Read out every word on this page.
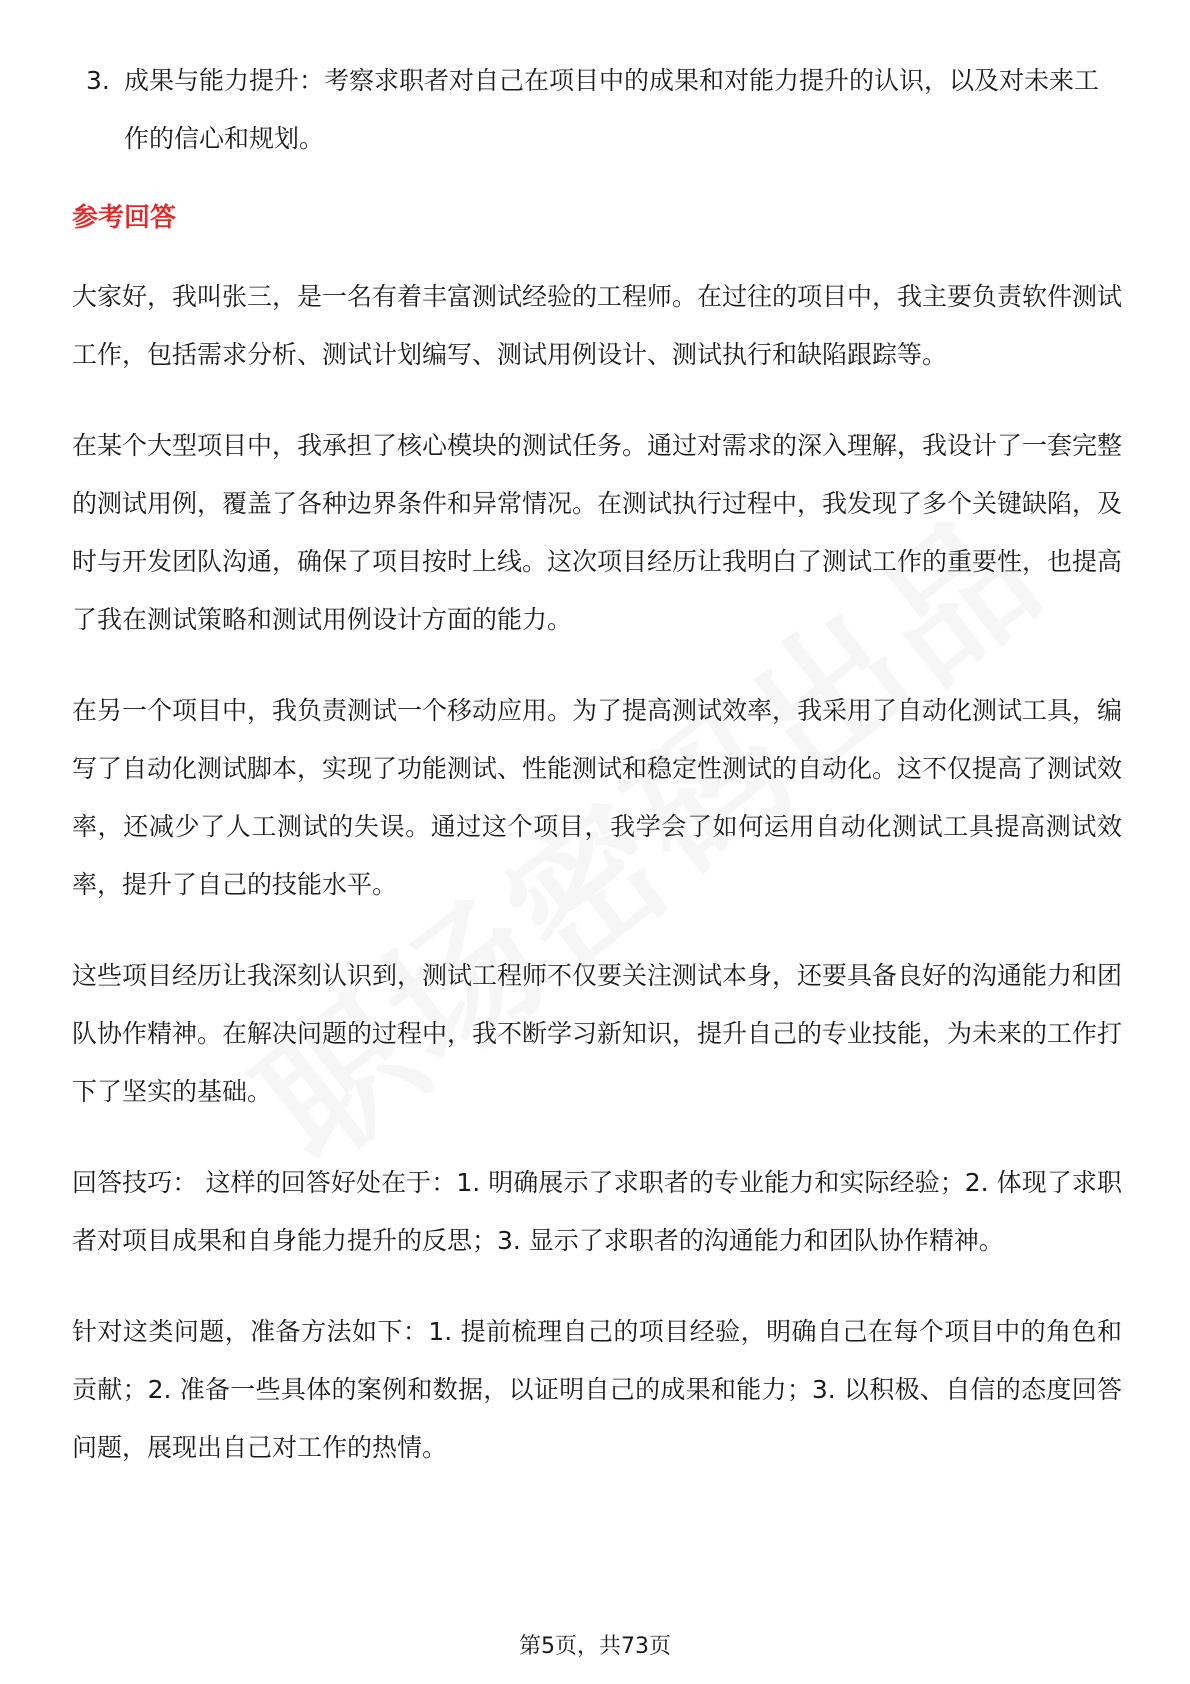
3. 成果与能力提升：考察求职者对自己在项目中的成果和对能力提升的认识，以及对未来工作的信心和规划。
参考回答

大家好，我叫张三，是一名有着丰富测试经验的工程师。在过往的项目中，我主要负责软件测试工作，包括需求分析、测试计划编写、测试用例设计、测试执行和缺陷跟踪等。

在某个大型项目中，我承担了核心模块的测试任务。通过对需求的深入理解，我设计了一套完整的测试用例，覆盖了各种边界条件和异常情况。在测试执行过程中，我发现了多个关键缺陷，及时与开发团队沟通，确保了项目按时上线。这次项目经历让我明白了测试工作的重要性，也提高了我在测试策略和测试用例设计方面的能力。

在另一个项目中，我负责测试一个移动应用。为了提高测试效率，我采用了自动化测试工具，编写了自动化测试脚本，实现了功能测试、性能测试和稳定性测试的自动化。这不仅提高了测试效率，还减少了人工测试的失误。通过这个项目，我学会了如何运用自动化测试工具提高测试效率，提升了自己的技能水平。

这些项目经历让我深刻认识到，测试工程师不仅要关注测试本身，还要具备良好的沟通能力和团队协作精神。在解决问题的过程中，我不断学习新知识，提升自己的专业技能，为未来的工作打下了坚实的基础。

回答技巧： 这样的回答好处在于：1. 明确展示了求职者的专业能力和实际经验；2. 体现了求职者对项目成果和自身能力提升的反思；3. 显示了求职者的沟通能力和团队协作精神。

针对这类问题，准备方法如下：1. 提前梳理自己的项目经验，明确自己在每个项目中的角色和贡献；2. 准备一些具体的案例和数据，以证明自己的成果和能力；3. 以积极、自信的态度回答问题，展现出自己对工作的热情。

第5页，共73页
